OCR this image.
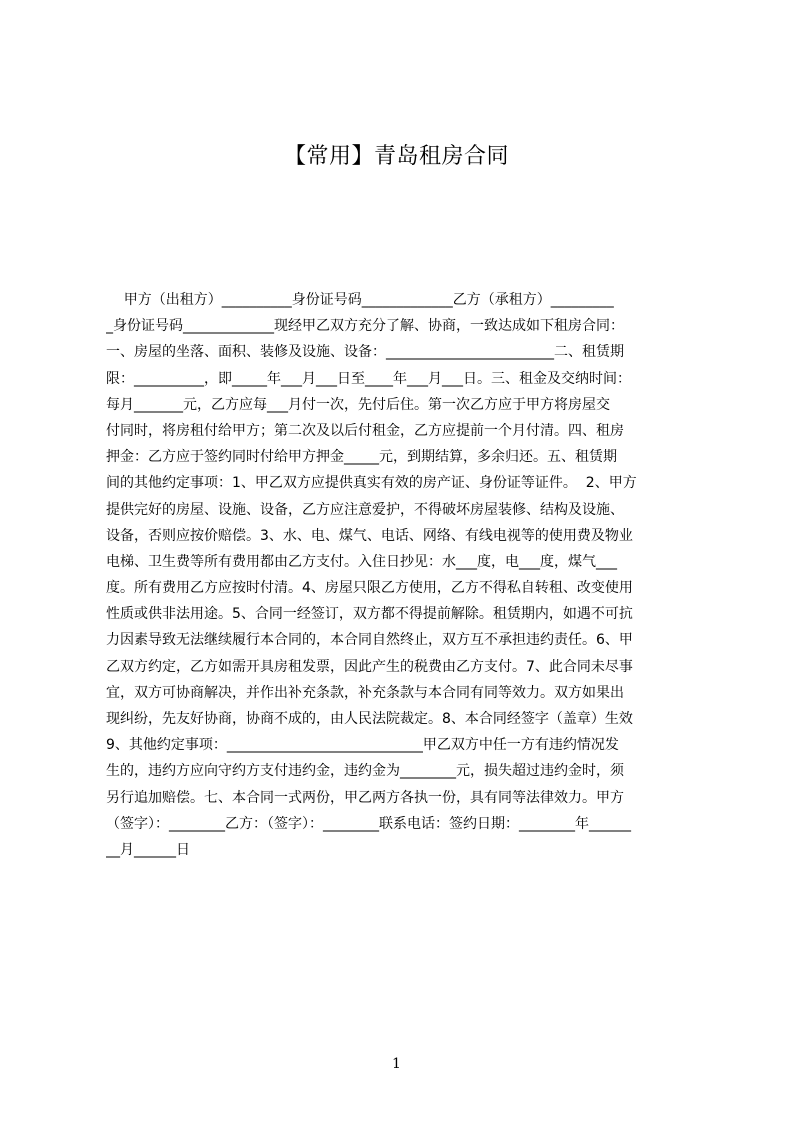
【常用】青岛租房合同
甲方（出租方）__________身份证号码_____________乙方（承租方）_________
_身份证号码_____________现经甲乙双方充分了解、协商，一致达成如下租房合同：
一、房屋的坐落、面积、装修及设施、设备：________________________二、租赁期
限：__________，即_____年___月___日至____年___月___日。三、租金及交纳时间：
每月_______元，乙方应每___月付一次，先付后住。第一次乙方应于甲方将房屋交
付同时，将房租付给甲方；第二次及以后付租金，乙方应提前一个月付清。四、租房
押金：乙方应于签约同时付给甲方押金_____元，到期结算，多余归还。五、租赁期
间的其他约定事项：1、甲乙双方应提供真实有效的房产证、身份证等证件。  2、甲方
提供完好的房屋、设施、设备，乙方应注意爱护，不得破坏房屋装修、结构及设施、
设备，否则应按价赔偿。3、水、电、煤气、电话、网络、有线电视等的使用费及物业
电梯、卫生费等所有费用都由乙方支付。入住日抄见：水___度，电___度，煤气___
度。所有费用乙方应按时付清。4、房屋只限乙方使用，乙方不得私自转租、改变使用
性质或供非法用途。5、合同一经签订，双方都不得提前解除。租赁期内，如遇不可抗
力因素导致无法继续履行本合同的，本合同自然终止，双方互不承担违约责任。6、甲
乙双方约定，乙方如需开具房租发票，因此产生的税费由乙方支付。7、此合同未尽事
宜，双方可协商解决，并作出补充条款，补充条款与本合同有同等效力。双方如果出
现纠纷，先友好协商，协商不成的，由人民法院裁定。8、本合同经签字（盖章）生效
9、其他约定事项：____________________________甲乙双方中任一方有违约情况发
生的，违约方应向守约方支付违约金，违约金为________元，损失超过违约金时，须
另行追加赔偿。七、本合同一式两份，甲乙两方各执一份，具有同等法律效力。甲方
（签字）：________乙方：（签字）：________联系电话：签约日期：________年______
__月______日
1
